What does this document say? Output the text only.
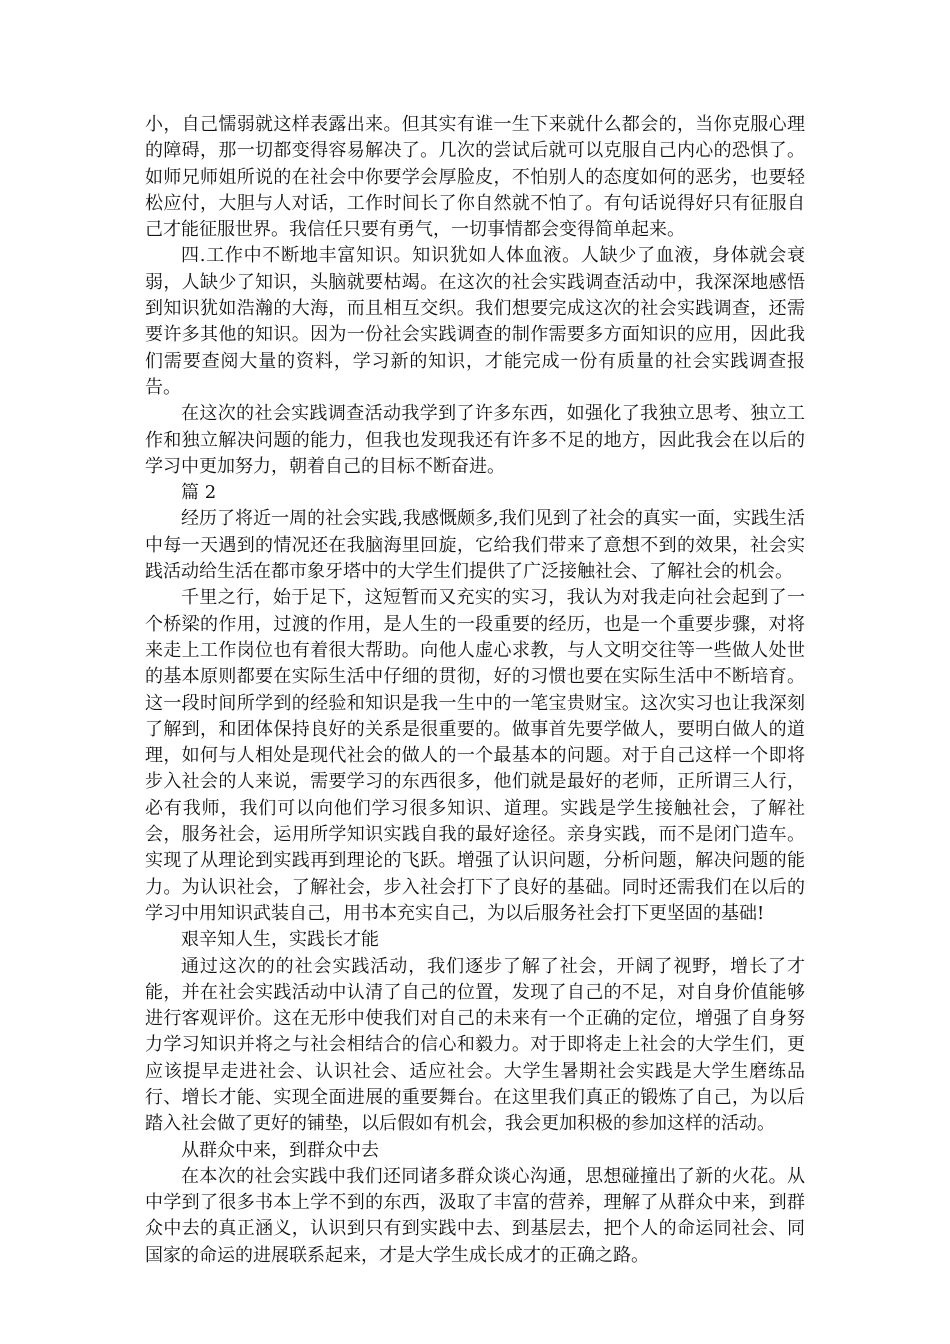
小，自己懦弱就这样表露出来。但其实有谁一生下来就什么都会的，当你克服心理的障碍，那一切都变得容易解决了。几次的尝试后就可以克服自己内心的恐惧了。如师兄师姐所说的在社会中你要学会厚脸皮，不怕别人的态度如何的恶劣，也要轻松应付，大胆与人对话，工作时间长了你自然就不怕了。有句话说得好只有征服自己才能征服世界。我信任只要有勇气，一切事情都会变得简单起来。

四.工作中不断地丰富知识。知识犹如人体血液。人缺少了血液，身体就会衰弱，人缺少了知识，头脑就要枯竭。在这次的社会实践调查活动中，我深深地感悟到知识犹如浩瀚的大海，而且相互交织。我们想要完成这次的社会实践调查，还需要许多其他的知识。因为一份社会实践调查的制作需要多方面知识的应用，因此我们需要查阅大量的资料，学习新的知识，才能完成一份有质量的社会实践调查报告。

在这次的社会实践调查活动我学到了许多东西，如强化了我独立思考、独立工作和独立解决问题的能力，但我也发现我还有许多不足的地方，因此我会在以后的学习中更加努力，朝着自己的目标不断奋进。

篇 2

经历了将近一周的社会实践,我感慨颇多,我们见到了社会的真实一面，实践生活中每一天遇到的情况还在我脑海里回旋，它给我们带来了意想不到的效果，社会实践活动给生活在都市象牙塔中的大学生们提供了广泛接触社会、了解社会的机会。

千里之行，始于足下，这短暂而又充实的实习，我认为对我走向社会起到了一个桥梁的作用，过渡的作用，是人生的一段重要的经历，也是一个重要步骤，对将来走上工作岗位也有着很大帮助。向他人虚心求教，与人文明交往等一些做人处世的基本原则都要在实际生活中仔细的贯彻，好的习惯也要在实际生活中不断培育。这一段时间所学到的经验和知识是我一生中的一笔宝贵财宝。这次实习也让我深刻了解到，和团体保持良好的关系是很重要的。做事首先要学做人，要明白做人的道理，如何与人相处是现代社会的做人的一个最基本的问题。对于自己这样一个即将步入社会的人来说，需要学习的东西很多，他们就是最好的老师，正所谓三人行，必有我师，我们可以向他们学习很多知识、道理。实践是学生接触社会，了解社会，服务社会，运用所学知识实践自我的最好途径。亲身实践，而不是闭门造车。实现了从理论到实践再到理论的飞跃。增强了认识问题，分析问题，解决问题的能力。为认识社会，了解社会，步入社会打下了良好的基础。同时还需我们在以后的学习中用知识武装自己，用书本充实自己，为以后服务社会打下更坚固的基础!

艰辛知人生，实践长才能

通过这次的的社会实践活动，我们逐步了解了社会，开阔了视野，增长了才能，并在社会实践活动中认清了自己的位置，发现了自己的不足，对自身价值能够进行客观评价。这在无形中使我们对自己的未来有一个正确的定位，增强了自身努力学习知识并将之与社会相结合的信心和毅力。对于即将走上社会的大学生们，更应该提早走进社会、认识社会、适应社会。大学生暑期社会实践是大学生磨练品行、增长才能、实现全面进展的重要舞台。在这里我们真正的锻炼了自己，为以后踏入社会做了更好的铺垫，以后假如有机会，我会更加积极的参加这样的活动。

从群众中来，到群众中去

在本次的社会实践中我们还同诸多群众谈心沟通，思想碰撞出了新的火花。从中学到了很多书本上学不到的东西，汲取了丰富的营养，理解了从群众中来，到群众中去的真正涵义，认识到只有到实践中去、到基层去，把个人的命运同社会、同国家的命运的进展联系起来，才是大学生成长成才的正确之路。
